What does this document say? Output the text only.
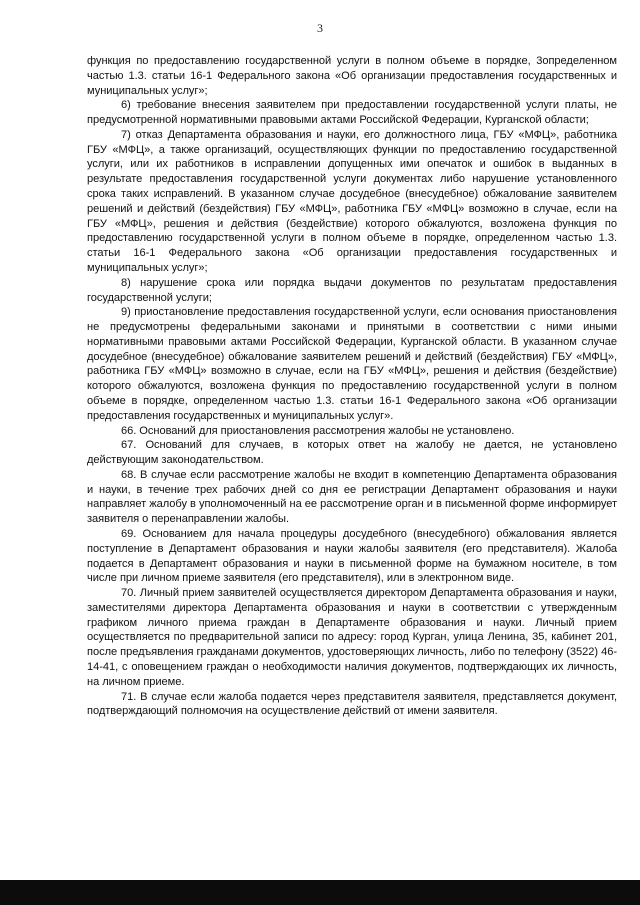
3

функция по предоставлению государственной услуги в полном объеме в порядке, 3определенном частью 1.3. статьи 16-1 Федерального закона «Об организации предоставления государственных и муниципальных услуг»;

6) требование внесения заявителем при предоставлении государственной услуги платы, не предусмотренной нормативными правовыми актами Российской Федерации, Курганской области;

7) отказ Департамента образования и науки, его должностного лица, ГБУ «МФЦ», работника ГБУ «МФЦ», а также организаций, осуществляющих функции по предоставлению государственной услуги, или их работников в исправлении допущенных ими опечаток и ошибок в выданных в результате предоставления государственной услуги документах либо нарушение установленного срока таких исправлений. В указанном случае досудебное (внесудебное) обжалование заявителем решений и действий (бездействия) ГБУ «МФЦ», работника ГБУ «МФЦ» возможно в случае, если на ГБУ «МФЦ», решения и действия (бездействие) которого обжалуются, возложена функция по предоставлению государственной услуги в полном объеме в порядке, определенном частью 1.3. статьи 16-1 Федерального закона «Об организации предоставления государственных и муниципальных услуг»;

8) нарушение срока или порядка выдачи документов по результатам предоставления государственной услуги;

9) приостановление предоставления государственной услуги, если основания приостановления не предусмотрены федеральными законами и принятыми в соответствии с ними иными нормативными правовыми актами Российской Федерации, Курганской области. В указанном случае досудебное (внесудебное) обжалование заявителем решений и действий (бездействия) ГБУ «МФЦ», работника ГБУ «МФЦ» возможно в случае, если на ГБУ «МФЦ», решения и действия (бездействие) которого обжалуются, возложена функция по предоставлению государственной услуги в полном объеме в порядке, определенном частью 1.3. статьи 16-1 Федерального закона «Об организации предоставления государственных и муниципальных услуг».

66. Оснований для приостановления рассмотрения жалобы не установлено.

67. Оснований для случаев, в которых ответ на жалобу не дается, не установлено действующим законодательством.

68. В случае если рассмотрение жалобы не входит в компетенцию Департамента образования и науки, в течение трех рабочих дней со дня ее регистрации Департамент образования и науки направляет жалобу в уполномоченный на ее рассмотрение орган и в письменной форме информирует заявителя о перенаправлении жалобы.

69. Основанием для начала процедуры досудебного (внесудебного) обжалования является поступление в Департамент образования и науки жалобы заявителя (его представителя). Жалоба подается в Департамент образования и науки в письменной форме на бумажном носителе, в том числе при личном приеме заявителя (его представителя), или в электронном виде.

70. Личный прием заявителей осуществляется директором Департамента образования и науки, заместителями директора Департамента образования и науки в соответствии с утвержденным графиком личного приема граждан в Департаменте образования и науки. Личный прием осуществляется по предварительной записи по адресу: город Курган, улица Ленина, 35, кабинет 201, после предъявления гражданами документов, удостоверяющих личность, либо по телефону (3522) 46-14-41, с оповещением граждан о необходимости наличия документов, подтверждающих их личность, на личном приеме.

71. В случае если жалоба подается через представителя заявителя, представляется документ, подтверждающий полномочия на осуществление действий от имени заявителя.
